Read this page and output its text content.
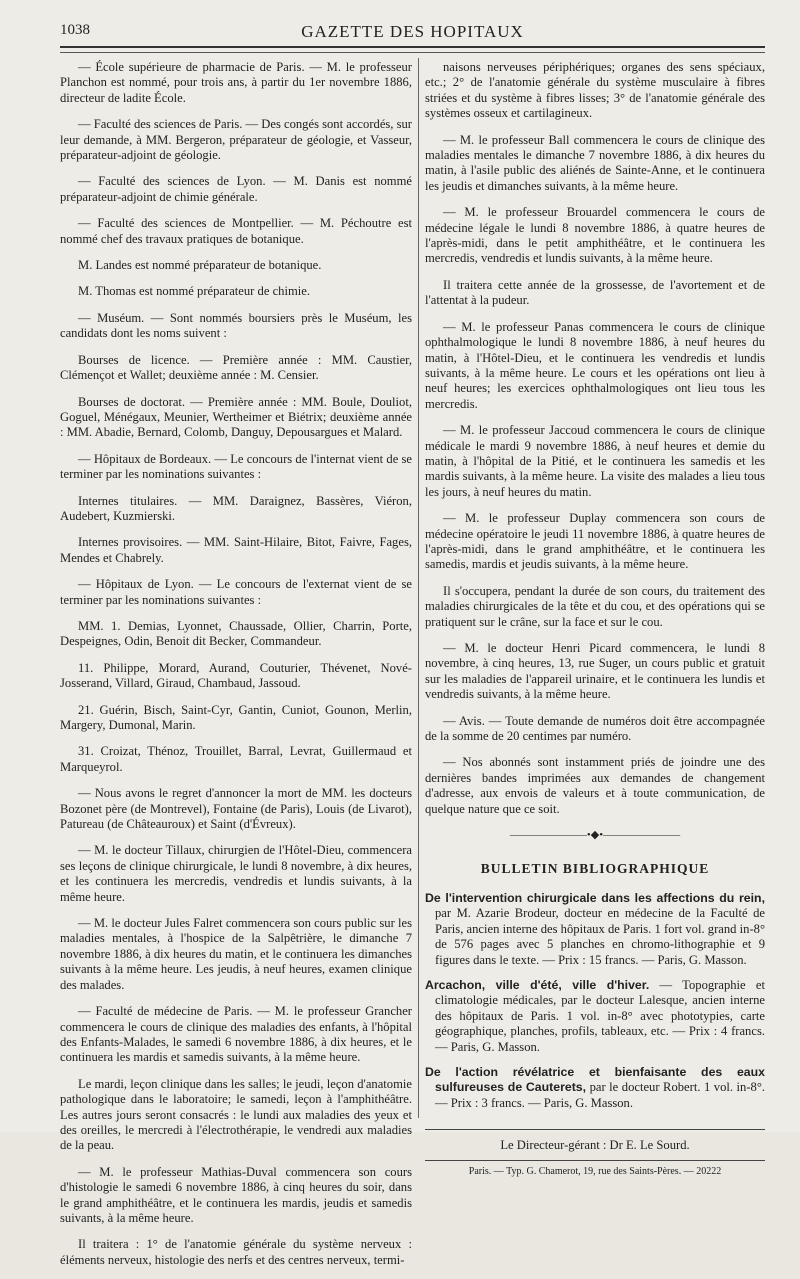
1038	GAZETTE DES HOPITAUX

— École supérieure de pharmacie de Paris. — M. le professeur Planchon est nommé, pour trois ans, à partir du 1er novembre 1886, directeur de ladite École.

— Faculté des sciences de Paris. — Des congés sont accordés, sur leur demande, à MM. Bergeron, préparateur de géologie, et Vasseur, préparateur-adjoint de géologie.

— Faculté des sciences de Lyon. — M. Danis est nommé préparateur-adjoint de chimie générale.

— Faculté des sciences de Montpellier. — M. Péchoutre est nommé chef des travaux pratiques de botanique.

M. Landes est nommé préparateur de botanique.

M. Thomas est nommé préparateur de chimie.

— Muséum. — Sont nommés boursiers près le Muséum, les candidats dont les noms suivent :

Bourses de licence. — Première année : MM. Caustier, Clémençot et Wallet; deuxième année : M. Censier.

Bourses de doctorat. — Première année : MM. Boule, Douliot, Goguel, Ménégaux, Meunier, Wertheimer et Biétrix; deuxième année : MM. Abadie, Bernard, Colomb, Danguy, Depousargues et Malard.

— Hôpitaux de Bordeaux. — Le concours de l'internat vient de se terminer par les nominations suivantes :

Internes titulaires. — MM. Daraignez, Bassères, Viéron, Audebert, Kuzmierski.

Internes provisoires. — MM. Saint-Hilaire, Bitot, Faivre, Fages, Mendes et Chabrely.

— Hôpitaux de Lyon. — Le concours de l'externat vient de se terminer par les nominations suivantes :

MM. 1. Demias, Lyonnet, Chaussade, Ollier, Charrin, Porte, Despeignes, Odin, Benoit dit Becker, Commandeur.

11. Philippe, Morard, Aurand, Couturier, Thévenet, Nové-Josserand, Villard, Giraud, Chambaud, Jassoud.

21. Guérin, Bisch, Saint-Cyr, Gantin, Cuniot, Gounon, Merlin, Margery, Dumonal, Marin.

31. Croizat, Thénoz, Trouillet, Barral, Levrat, Guillermaud et Marqueyrol.

— Nous avons le regret d'annoncer la mort de MM. les docteurs Bozonet père (de Montrevel), Fontaine (de Paris), Louis (de Livarot), Patureau (de Châteauroux) et Saint (d'Évreux).

— M. le docteur Tillaux, chirurgien de l'Hôtel-Dieu, commencera ses leçons de clinique chirurgicale, le lundi 8 novembre, à dix heures, et les continuera les mercredis, vendredis et lundis suivants, à la même heure.

— M. le docteur Jules Falret commencera son cours public sur les maladies mentales, à l'hospice de la Salpêtrière, le dimanche 7 novembre 1886, à dix heures du matin, et le continuera les dimanches suivants à la même heure. Les jeudis, à neuf heures, examen clinique des malades.

— Faculté de médecine de Paris. — M. le professeur Grancher commencera le cours de clinique des maladies des enfants, à l'hôpital des Enfants-Malades, le samedi 6 novembre 1886, à dix heures, et le continuera les mardis et samedis suivants, à la même heure.

Le mardi, leçon clinique dans les salles; le jeudi, leçon d'anatomie pathologique dans le laboratoire; le samedi, leçon à l'amphithéâtre. Les autres jours seront consacrés : le lundi aux maladies des yeux et des oreilles, le mercredi à l'électrothérapie, le vendredi aux maladies de la peau.

— M. le professeur Mathias-Duval commencera son cours d'histologie le samedi 6 novembre 1886, à cinq heures du soir, dans le grand amphithéâtre, et le continuera les mardis, jeudis et samedis suivants, à la même heure.

Il traitera : 1° de l'anatomie générale du système nerveux : éléments nerveux, histologie des nerfs et des centres nerveux, termi-

naisons nerveuses périphériques; organes des sens spéciaux, etc.; 2° de l'anatomie générale du système musculaire à fibres striées et du système à fibres lisses; 3° de l'anatomie générale des systèmes osseux et cartilagineux.

— M. le professeur Ball commencera le cours de clinique des maladies mentales le dimanche 7 novembre 1886, à dix heures du matin, à l'asile public des aliénés de Sainte-Anne, et le continuera les jeudis et dimanches suivants, à la même heure.

— M. le professeur Brouardel commencera le cours de médecine légale le lundi 8 novembre 1886, à quatre heures de l'après-midi, dans le petit amphithéâtre, et le continuera les mercredis, vendredis et lundis suivants, à la même heure.

Il traitera cette année de la grossesse, de l'avortement et de l'attentat à la pudeur.

— M. le professeur Panas commencera le cours de clinique ophthalmologique le lundi 8 novembre 1886, à neuf heures du matin, à l'Hôtel-Dieu, et le continuera les vendredis et lundis suivants, à la même heure. Le cours et les opérations ont lieu à neuf heures; les exercices ophthalmologiques ont lieu tous les mercredis.

— M. le professeur Jaccoud commencera le cours de clinique médicale le mardi 9 novembre 1886, à neuf heures et demie du matin, à l'hôpital de la Pitié, et le continuera les samedis et les mardis suivants, à la même heure. La visite des malades a lieu tous les jours, à neuf heures du matin.

— M. le professeur Duplay commencera son cours de médecine opératoire le jeudi 11 novembre 1886, à quatre heures de l'après-midi, dans le grand amphithéâtre, et le continuera les samedis, mardis et jeudis suivants, à la même heure.

Il s'occupera, pendant la durée de son cours, du traitement des maladies chirurgicales de la tête et du cou, et des opérations qui se pratiquent sur le crâne, sur la face et sur le cou.

— M. le docteur Henri Picard commencera, le lundi 8 novembre, à cinq heures, 13, rue Suger, un cours public et gratuit sur les maladies de l'appareil urinaire, et le continuera les lundis et vendredis suivants, à la même heure.

— Avis. — Toute demande de numéros doit être accompagnée de la somme de 20 centimes par numéro.

— Nos abonnés sont instamment priés de joindre une des dernières bandes imprimées aux demandes de changement d'adresse, aux envois de valeurs et à toute communication, de quelque nature que ce soit.

———————•◆•———————
BULLETIN BIBLIOGRAPHIQUE

De l'intervention chirurgicale dans les affections du rein, par M. Azarie Brodeur, docteur en médecine de la Faculté de Paris, ancien interne des hôpitaux de Paris. 1 fort vol. grand in-8° de 576 pages avec 5 planches en chromo-lithographie et 9 figures dans le texte. — Prix : 15 francs. — Paris, G. Masson.

Arcachon, ville d'été, ville d'hiver. — Topographie et climatologie médicales, par le docteur Lalesque, ancien interne des hôpitaux de Paris. 1 vol. in-8° avec phototypies, carte géographique, planches, profils, tableaux, etc. — Prix : 4 francs. — Paris, G. Masson.

De l'action révélatrice et bienfaisante des eaux sulfureuses de Cauterets, par le docteur Robert. 1 vol. in-8°. — Prix : 3 francs. — Paris, G. Masson.

Le Directeur-gérant : Dr E. Le Sourd.
Paris. — Typ. G. Chamerot, 19, rue des Saints-Pères. — 20222
